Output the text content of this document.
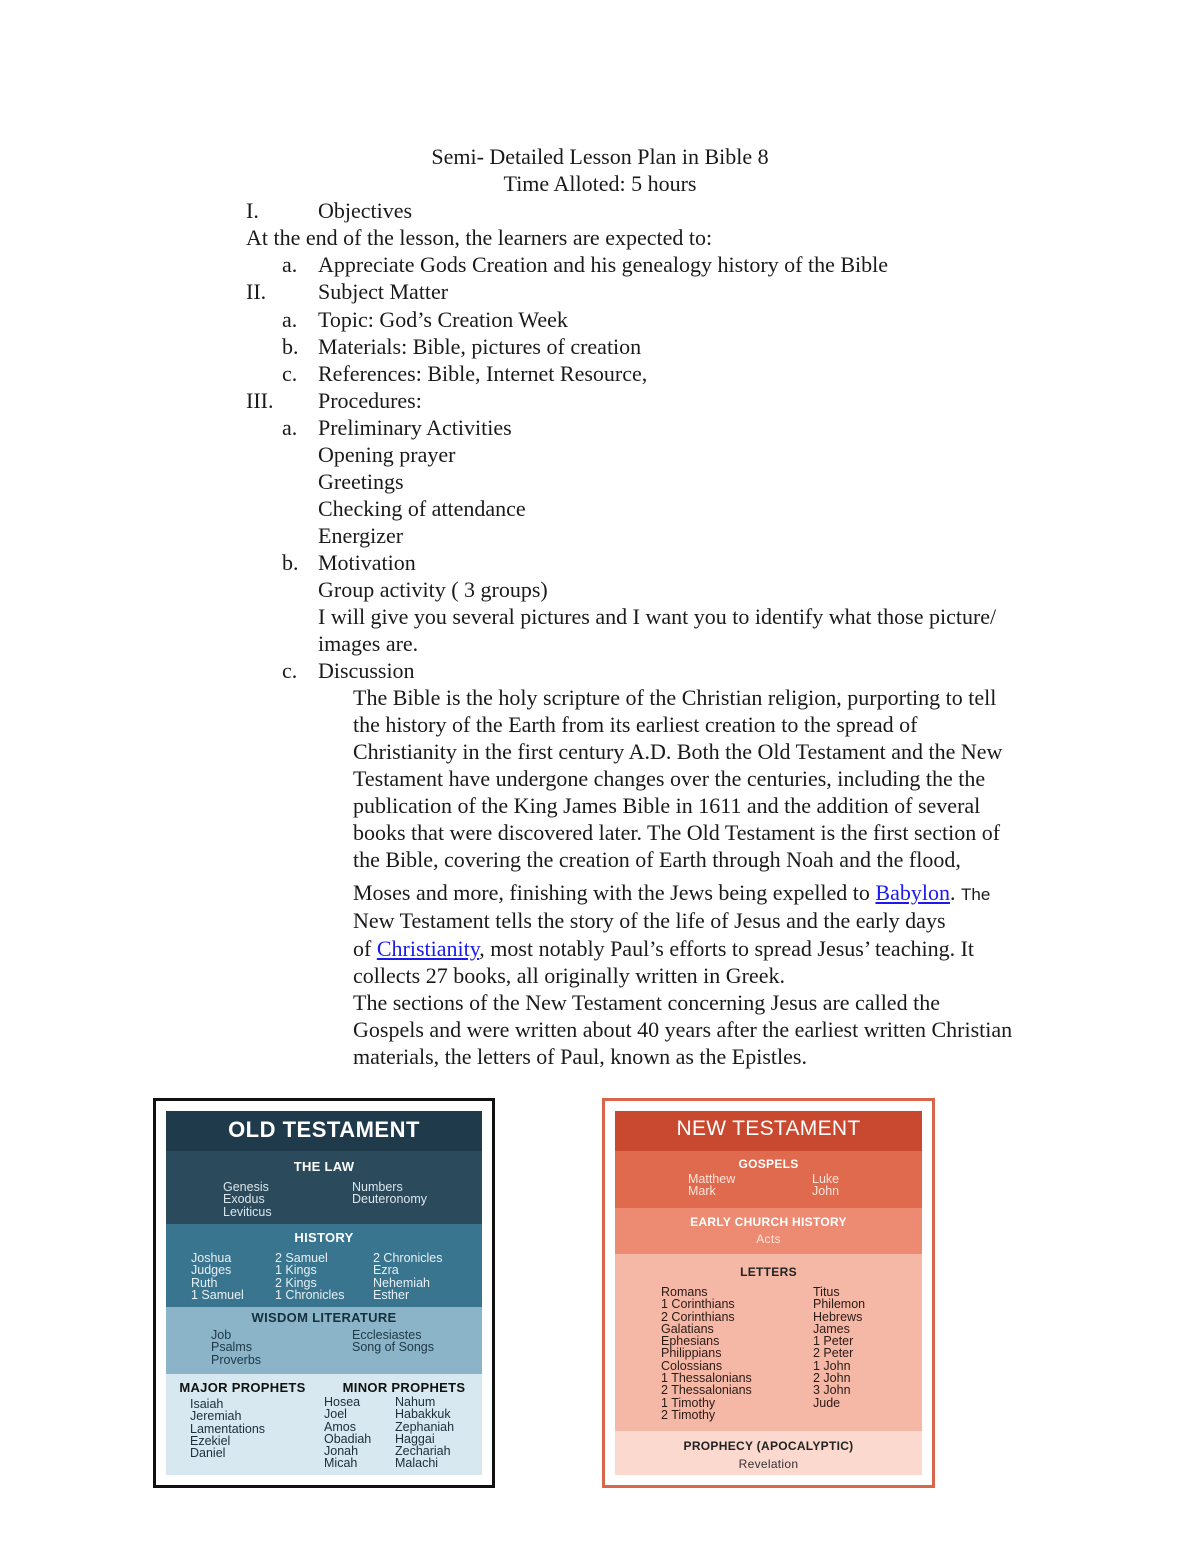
Semi- Detailed Lesson Plan in Bible 8
Time Alloted: 5 hours
I.	Objectives
At the end of the lesson, the learners are expected to:
a. Appreciate Gods Creation and his genealogy history of the Bible
II. Subject Matter
a. Topic: God’s Creation Week
b. Materials: Bible, pictures of creation
c. References: Bible, Internet Resource,
III. Procedures:
a. Preliminary Activities
Opening prayer
Greetings
Checking of attendance
Energizer
b. Motivation
Group activity ( 3 groups)
I will give you several pictures and I want you to identify what those picture/
images are.
c. Discussion
The Bible is the holy scripture of the Christian religion, purporting to tell
the history of the Earth from its earliest creation to the spread of
Christianity in the first century A.D. Both the Old Testament and the New
Testament have undergone changes over the centuries, including the the
publication of the King James Bible in 1611 and the addition of several
books that were discovered later. The Old Testament is the first section of
the Bible, covering the creation of Earth through Noah and the flood,
Moses and more, finishing with the Jews being expelled to Babylon. The
New Testament tells the story of the life of Jesus and the early days
of Christianity, most notably Paul’s efforts to spread Jesus’ teaching. It
collects 27 books, all originally written in Greek.
The sections of the New Testament concerning Jesus are called the
Gospels and were written about 40 years after the earliest written Christian
materials, the letters of Paul, known as the Epistles.
OLD TESTAMENT
THE LAW
Genesis
Exodus
Leviticus
Numbers
Deuteronomy
HISTORY
Joshua
Judges
Ruth
1 Samuel
2 Samuel
1 Kings
2 Kings
1 Chronicles
2 Chronicles
Ezra
Nehemiah
Esther
WISDOM LITERATURE
Job
Psalms
Proverbs
Ecclesiastes
Song of Songs
MAJOR PROPHETS	MINOR PROPHETS
Isaiah
Jeremiah
Lamentations
Ezekiel
Daniel
Hosea
Joel
Amos
Obadiah
Jonah
Micah
Nahum
Habakkuk
Zephaniah
Haggai
Zechariah
Malachi
NEW TESTAMENT
GOSPELS
Matthew
Mark
Luke
John
EARLY CHURCH HISTORY
Acts
LETTERS
Romans
1 Corinthians
2 Corinthians
Galatians
Ephesians
Philippians
Colossians
1 Thessalonians
2 Thessalonians
1 Timothy
2 Timothy
Titus
Philemon
Hebrews
James
1 Peter
2 Peter
1 John
2 John
3 John
Jude
PROPHECY (APOCALYPTIC)
Revelation
